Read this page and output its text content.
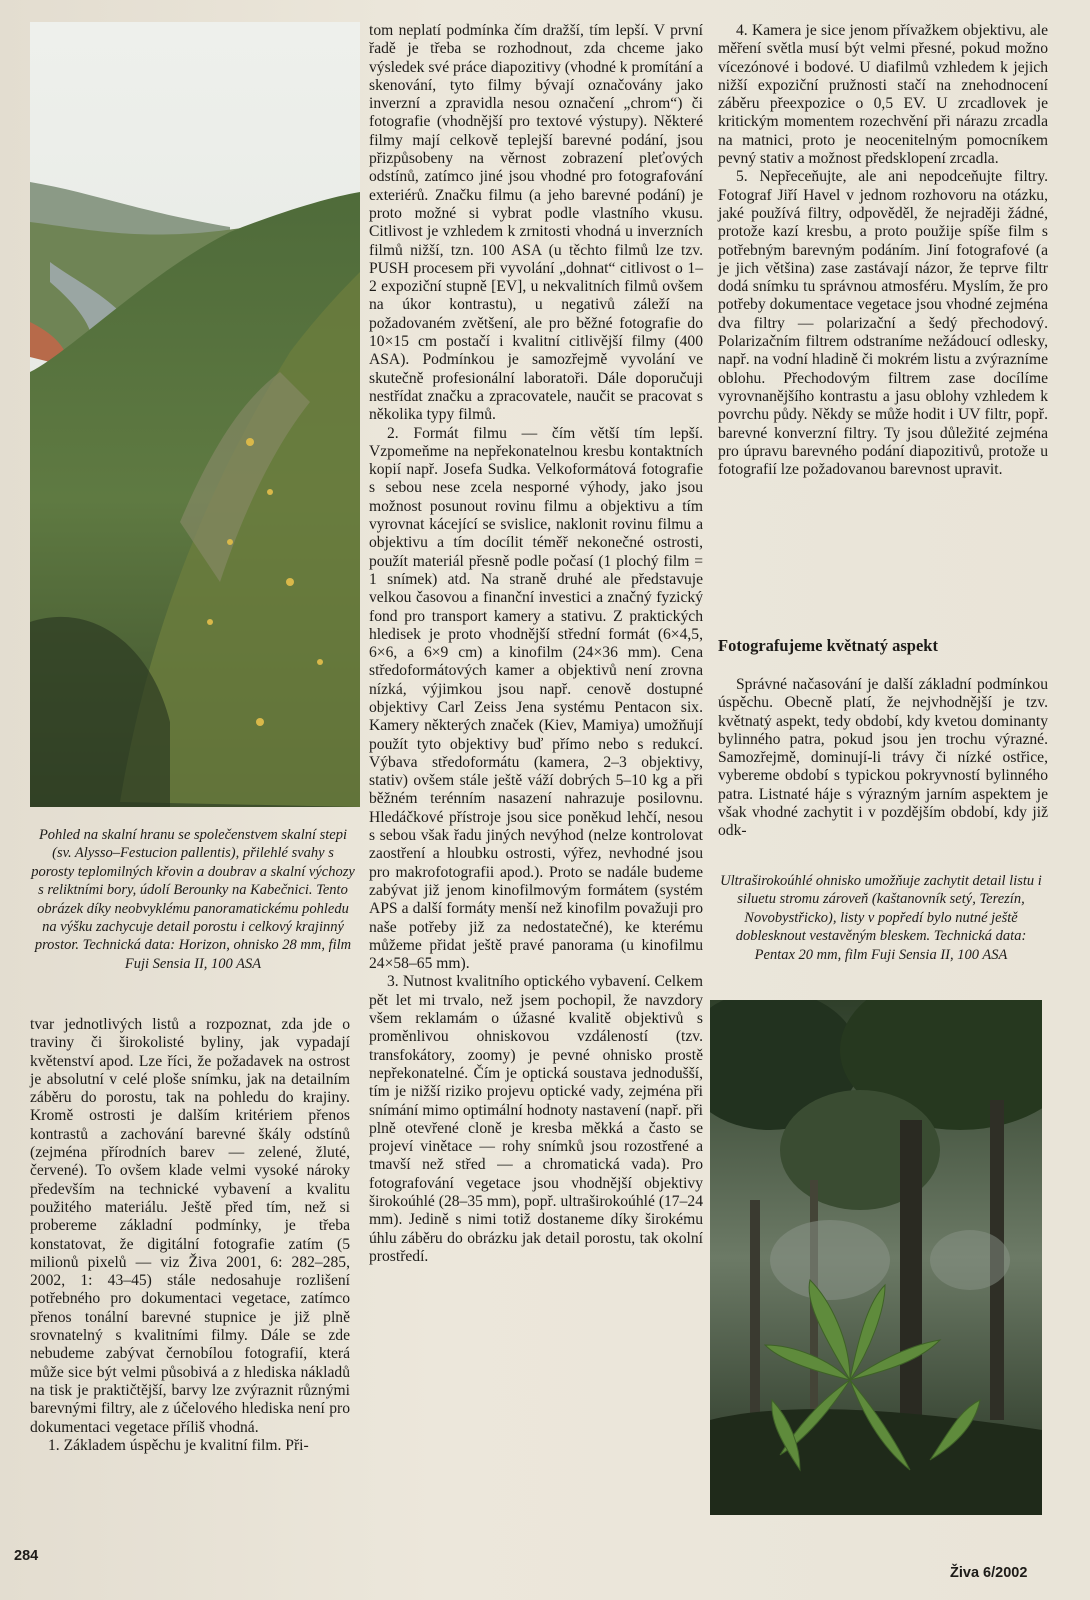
Pohled na skalní hranu se společenstvem skalní stepi (sv. Alysso–Festucion pallentis), přilehlé svahy s porosty teplomilných křovin a doubrav a skalní výchozy s reliktními bory, údolí Berounky na Kabečnici. Tento obrázek díky neobvyklému panoramatickému pohledu na výšku zachycuje detail porostu i celkový krajinný prostor. Technická data: Horizon, ohnisko 28 mm, film Fuji Sensia II, 100 ASA

tvar jednotlivých listů a rozpoznat, zda jde o traviny či širokolisté byliny, jak vypadají květenství apod. Lze říci, že požadavek na ostrost je absolutní v celé ploše snímku, jak na detailním záběru do porostu, tak na pohledu do krajiny. Kromě ostrosti je dalším kritériem přenos kontrastů a zachování barevné škály odstínů (zejména přírodních barev — zelené, žluté, červené). To ovšem klade velmi vysoké nároky především na technické vybavení a kvalitu použitého materiálu. Ještě před tím, než si probereme základní podmínky, je třeba konstatovat, že digitální fotografie zatím (5 milionů pixelů — viz Živa 2001, 6: 282–285, 2002, 1: 43–45) stále nedosahuje rozlišení potřebného pro dokumentaci vegetace, zatímco přenos tonální barevné stupnice je již plně srovnatelný s kvalitními filmy. Dále se zde nebudeme zabývat černobílou fotografií, která může sice být velmi působivá a z hlediska nákladů na tisk je praktičtější, barvy lze zvýraznit různými barevnými filtry, ale z účelového hlediska není pro dokumentaci vegetace příliš vhodná.

1. Základem úspěchu je kvalitní film. Při-

tom neplatí podmínka čím dražší, tím lepší. V první řadě je třeba se rozhodnout, zda chceme jako výsledek své práce diapozitivy (vhodné k promítání a skenování, tyto filmy bývají označovány jako inverzní a zpravidla nesou označení „chrom“) či fotografie (vhodnější pro textové výstupy). Některé filmy mají celkově teplejší barevné podání, jsou přizpůsobeny na věrnost zobrazení pleťových odstínů, zatímco jiné jsou vhodné pro fotografování exteriérů. Značku filmu (a jeho barevné podání) je proto možné si vybrat podle vlastního vkusu. Citlivost je vzhledem k zrnitosti vhodná u inverzních filmů nižší, tzn. 100 ASA (u těchto filmů lze tzv. PUSH procesem při vyvolání „dohnat“ citlivost o 1–2 expoziční stupně [EV], u nekvalitních filmů ovšem na úkor kontrastu), u negativů záleží na požadovaném zvětšení, ale pro běžné fotografie do 10×15 cm postačí i kvalitní citlivější filmy (400 ASA). Podmínkou je samozřejmě vyvolání ve skutečně profesionální laboratoři. Dále doporučuji nestřídat značku a zpracovatele, naučit se pracovat s několika typy filmů.

2. Formát filmu — čím větší tím lepší. Vzpomeňme na nepřekonatelnou kresbu kontaktních kopií např. Josefa Sudka. Velkoformátová fotografie s sebou nese zcela nesporné výhody, jako jsou možnost posunout rovinu filmu a objektivu a tím vyrovnat kácející se svislice, naklonit rovinu filmu a objektivu a tím docílit téměř nekonečné ostrosti, použít materiál přesně podle počasí (1 plochý film = 1 snímek) atd. Na straně druhé ale představuje velkou časovou a finanční investici a značný fyzický fond pro transport kamery a stativu. Z praktických hledisek je proto vhodnější střední formát (6×4,5, 6×6, a 6×9 cm) a kinofilm (24×36 mm). Cena středoformátových kamer a objektivů není zrovna nízká, výjimkou jsou např. cenově dostupné objektivy Carl Zeiss Jena systému Pentacon six. Kamery některých značek (Kiev, Mamiya) umožňují použít tyto objektivy buď přímo nebo s redukcí. Výbava středoformátu (kamera, 2–3 objektivy, stativ) ovšem stále ještě váží dobrých 5–10 kg a při běžném terénním nasazení nahrazuje posilovnu. Hledáčkové přístroje jsou sice poněkud lehčí, nesou s sebou však řadu jiných nevýhod (nelze kontrolovat zaostření a hloubku ostrosti, výřez, nevhodné jsou pro makrofotografii apod.). Proto se nadále budeme zabývat již jenom kinofilmovým formátem (systém APS a další formáty menší než kinofilm považuji pro naše potřeby již za nedostatečné), ke kterému můžeme přidat ještě pravé panorama (u kinofilmu 24×58–65 mm).

3. Nutnost kvalitního optického vybavení. Celkem pět let mi trvalo, než jsem pochopil, že navzdory všem reklamám o úžasné kvalitě objektivů s proměnlivou ohniskovou vzdáleností (tzv. transfokátory, zoomy) je pevné ohnisko prostě nepřekonatelné. Čím je optická soustava jednodušší, tím je nižší riziko projevu optické vady, zejména při snímání mimo optimální hodnoty nastavení (např. při plně otevřené cloně je kresba měkká a často se projeví vinětace — rohy snímků jsou rozostřené a tmavší než střed — a chromatická vada). Pro fotografování vegetace jsou vhodnější objektivy širokoúhlé (28–35 mm), popř. ultraširokoúhlé (17–24 mm). Jedině s nimi totiž dostaneme díky širokému úhlu záběru do obrázku jak detail porostu, tak okolní prostředí.

4. Kamera je sice jenom přívažkem objektivu, ale měření světla musí být velmi přesné, pokud možno vícezónové i bodové. U diafilmů vzhledem k jejich nižší expoziční pružnosti stačí na znehodnocení záběru přeexpozice o 0,5 EV. U zrcadlovek je kritickým momentem rozechvění při nárazu zrcadla na matnici, proto je neocenitelným pomocníkem pevný stativ a možnost předsklopení zrcadla.

5. Nepřeceňujte, ale ani nepodceňujte filtry. Fotograf Jiří Havel v jednom rozhovoru na otázku, jaké používá filtry, odpověděl, že nejraději žádné, protože kazí kresbu, a proto použije spíše film s potřebným barevným podáním. Jiní fotografové (a je jich většina) zase zastávají názor, že teprve filtr dodá snímku tu správnou atmosféru. Myslím, že pro potřeby dokumentace vegetace jsou vhodné zejména dva filtry — polarizační a šedý přechodový. Polarizačním filtrem odstraníme nežádoucí odlesky, např. na vodní hladině či mokrém listu a zvýrazníme oblohu. Přechodovým filtrem zase docílíme vyrovnanějšího kontrastu a jasu oblohy vzhledem k povrchu půdy. Někdy se může hodit i UV filtr, popř. barevné konverzní filtry. Ty jsou důležité zejména pro úpravu barevného podání diapozitivů, protože u fotografií lze požadovanou barevnost upravit.

Fotografujeme květnatý aspekt

Správné načasování je další základní podmínkou úspěchu. Obecně platí, že nejvhodnější je tzv. květnatý aspekt, tedy období, kdy kvetou dominanty bylinného patra, pokud jsou jen trochu výrazné. Samozřejmě, dominují-li trávy či nízké ostřice, vybereme období s typickou pokryvností bylinného patra. Listnaté háje s výrazným jarním aspektem je však vhodné zachytit i v pozdějším období, kdy již odk-

Ultraširokoúhlé ohnisko umožňuje zachytit detail listu i siluetu stromu zároveň (kaštanovník setý, Terezín, Novobystřicko), listy v popředí bylo nutné ještě doblesknout vestavěným bleskem. Technická data: Pentax 20 mm, film Fuji Sensia II, 100 ASA
284
Živa 6/2002
